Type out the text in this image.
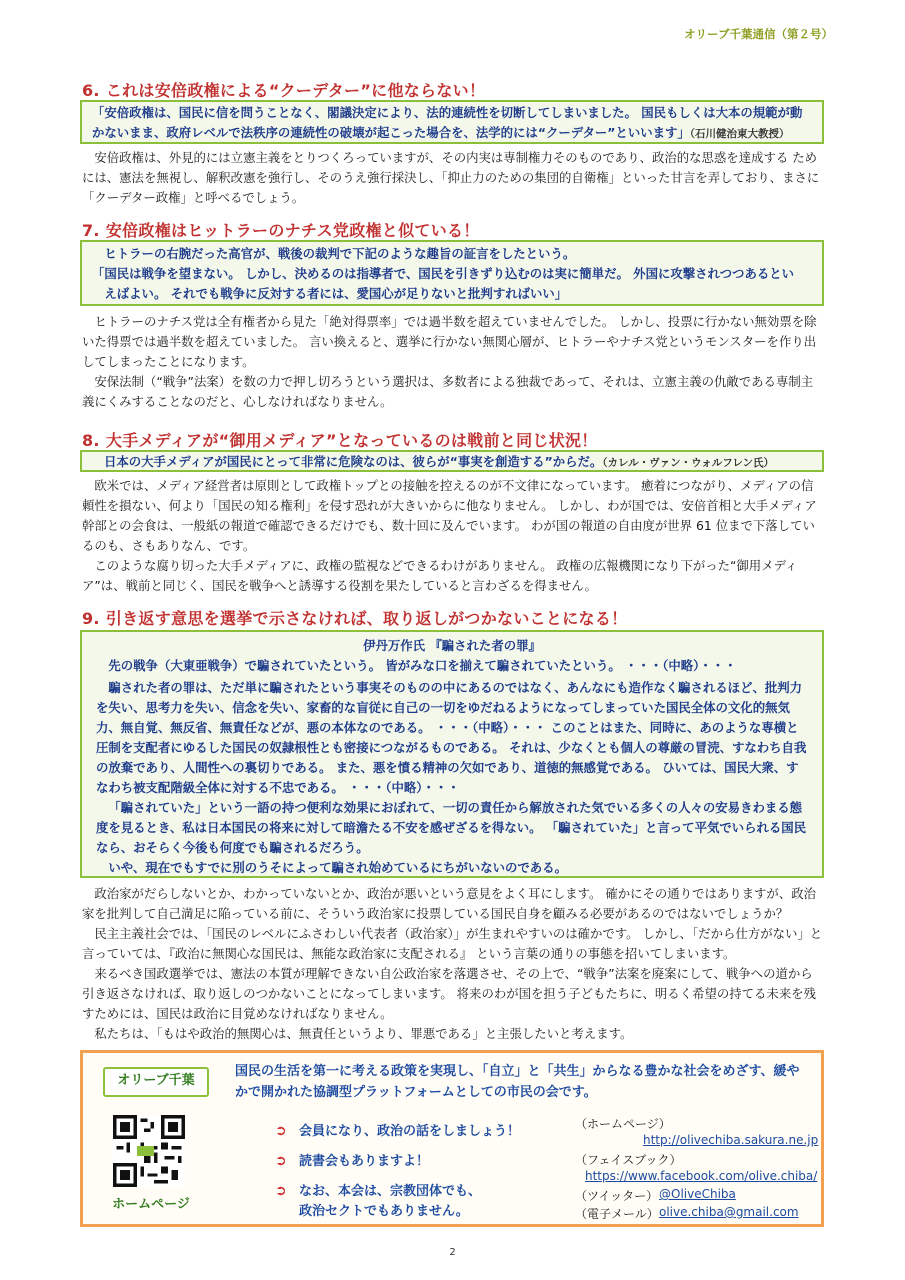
オリーブ千葉通信（第２号）
6. これは安倍政権による“クーデター”に他ならない！

「安倍政権は、国民に信を問うことなく、閣議決定により、法的連続性を切断してしまいました。 国民もしくは大本の規範が動

かないまま、政府レベルで法秩序の連続性の破壊が起こった場合を、法学的には“クーデター”といいます」（石川健治東大教授）

安倍政権は、外見的には立憲主義をとりつくろっていますが、その内実は専制権力そのものであり、政治的な思惑を達成する ためには、憲法を無視し、解釈改憲を強行し、そのうえ強行採決し、「抑止力のための集団的自衛権」といった甘言を弄しており、まさに「クーデター政権」と呼べるでしょう。

7. 安倍政権はヒットラーのナチス党政権と似ている！

ヒトラーの右腕だった高官が、戦後の裁判で下記のような趣旨の証言をしたという。

「国民は戦争を望まない。 しかし、決めるのは指導者で、国民を引きずり込むのは実に簡単だ。 外国に攻撃されつつあるとい

えばよい。 それでも戦争に反対する者には、愛国心が足りないと批判すればいい」

ヒトラーのナチス党は全有権者から見た「絶対得票率」では過半数を超えていませんでした。 しかし、投票に行かない無効票を除いた得票では過半数を超えていました。 言い換えると、選挙に行かない無関心層が、ヒトラーやナチス党というモンスターを作り出してしまったことになります。

安保法制（“戦争”法案）を数の力で押し切ろうという選択は、多数者による独裁であって、それは、立憲主義の仇敵である専制主義にくみすることなのだと、心しなければなりません。

8. 大手メディアが“御用メディア”となっているのは戦前と同じ状況！

日本の大手メディアが国民にとって非常に危険なのは、彼らが“事実を創造する”からだ。（カレル・ヴァン・ウォルフレン氏）

欧米では、メディア経営者は原則として政権トップとの接触を控えるのが不文律になっています。 癒着につながり、メディアの信頼性を損ない、何より「国民の知る権利」を侵す恐れが大きいからに他なりません。 しかし、わが国では、安倍首相と大手メディア幹部との会食は、一般紙の報道で確認できるだけでも、数十回に及んでいます。 わが国の報道の自由度が世界 61 位まで下落しているのも、さもありなん、です。

このような腐り切った大手メディアに、政権の監視などできるわけがありません。 政権の広報機関になり下がった“御用メディア”は、戦前と同じく、国民を戦争へと誘導する役割を果たしていると言わざるを得ません。

9. 引き返す意思を選挙で示さなければ、取り返しがつかないことになる！

伊丹万作氏 『騙された者の罪』

先の戦争（大東亜戦争）で騙されていたという。 皆がみな口を揃えて騙されていたという。 ・・・（中略）・・・

騙された者の罪は、ただ単に騙されたという事実そのものの中にあるのではなく、あんなにも造作なく騙されるほど、批判力を失い、思考力を失い、信念を失い、家畜的な盲従に自己の一切をゆだねるようになってしまっていた国民全体の文化的無気力、無自覚、無反省、無責任などが、悪の本体なのである。 ・・・（中略）・・・ このことはまた、同時に、あのような専横と圧制を支配者にゆるした国民の奴隷根性とも密接につながるものである。 それは、少なくとも個人の尊厳の冒涜、すなわち自我の放棄であり、人間性への裏切りである。 また、悪を憤る精神の欠如であり、道徳的無感覚である。 ひいては、国民大衆、すなわち被支配階級全体に対する不忠である。 ・・・（中略）・・・

「騙されていた」という一語の持つ便利な効果におぼれて、一切の責任から解放された気でいる多くの人々の安易きわまる態度を見るとき、私は日本国民の将来に対して暗澹たる不安を感ぜざるを得ない。 「騙されていた」と言って平気でいられる国民なら、おそらく今後も何度でも騙されるだろう。

いや、現在でもすでに別のうそによって騙され始めているにちがいないのである。

政治家がだらしないとか、わかっていないとか、政治が悪いという意見をよく耳にします。 確かにその通りではありますが、政治家を批判して自己満足に陥っている前に、そういう政治家に投票している国民自身を顧みる必要があるのではないでしょうか？

民主主義社会では、「国民のレベルにふさわしい代表者（政治家）」が生まれやすいのは確かです。 しかし、「だから仕方がない」と言っていては、『政治に無関心な国民は、無能な政治家に支配される』 という言葉の通りの事態を招いてしまいます。

来るべき国政選挙では、憲法の本質が理解できない自公政治家を落選させ、その上で、“戦争”法案を廃案にして、戦争への道から引き返さなければ、取り返しのつかないことになってしまいます。 将来のわが国を担う子どもたちに、明るく希望の持てる未来を残すためには、国民は政治に目覚めなければなりません。

私たちは、「もはや政治的無関心は、無責任というより、罪悪である」と主張したいと考えます。

オリーブ千葉
国民の生活を第一に考える政策を実現し、「自立」と「共生」からなる豊かな社会をめざす、緩やかで開かれた協調型プラットフォームとしての市民の会です。
ホームページ
➲ 会員になり、政治の話をしましょう！
➲ 読書会もありますよ！
➲ なお、本会は、宗教団体でも、
政治セクトでもありません。
（ホームページ）
http://olivechiba.sakura.ne.jp
（フェイスブック）
https://www.facebook.com/olive.chiba/
（ツイッター） @OliveChiba
（電子メール） olive.chiba@gmail.com
2
